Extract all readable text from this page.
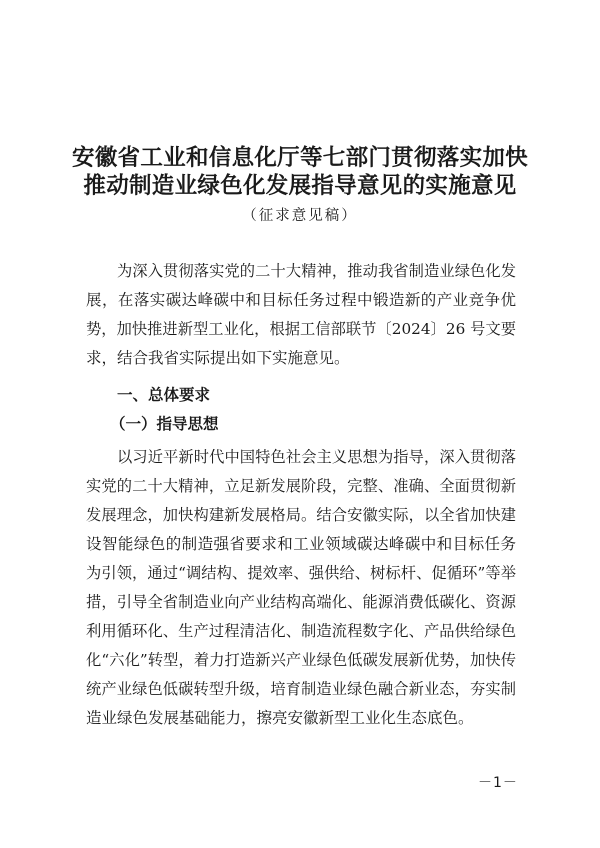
安徽省工业和信息化厅等七部门贯彻落实加快
推动制造业绿色化发展指导意见的实施意见
（征求意见稿）

为深入贯彻落实党的二十大精神，推动我省制造业绿色化发
展，在落实碳达峰碳中和目标任务过程中锻造新的产业竞争优
势，加快推进新型工业化，根据工信部联节〔2024〕26 号文要
求，结合我省实际提出如下实施意见。

一、总体要求
（一）指导思想

以习近平新时代中国特色社会主义思想为指导，深入贯彻落
实党的二十大精神，立足新发展阶段，完整、准确、全面贯彻新
发展理念，加快构建新发展格局。结合安徽实际，以全省加快建
设智能绿色的制造强省要求和工业领域碳达峰碳中和目标任务
为引领，通过“调结构、提效率、强供给、树标杆、促循环”等举
措，引导全省制造业向产业结构高端化、能源消费低碳化、资源
利用循环化、生产过程清洁化、制造流程数字化、产品供给绿色
化“六化”转型，着力打造新兴产业绿色低碳发展新优势，加快传
统产业绿色低碳转型升级，培育制造业绿色融合新业态，夯实制
造业绿色发展基础能力，擦亮安徽新型工业化生态底色。

－1－
